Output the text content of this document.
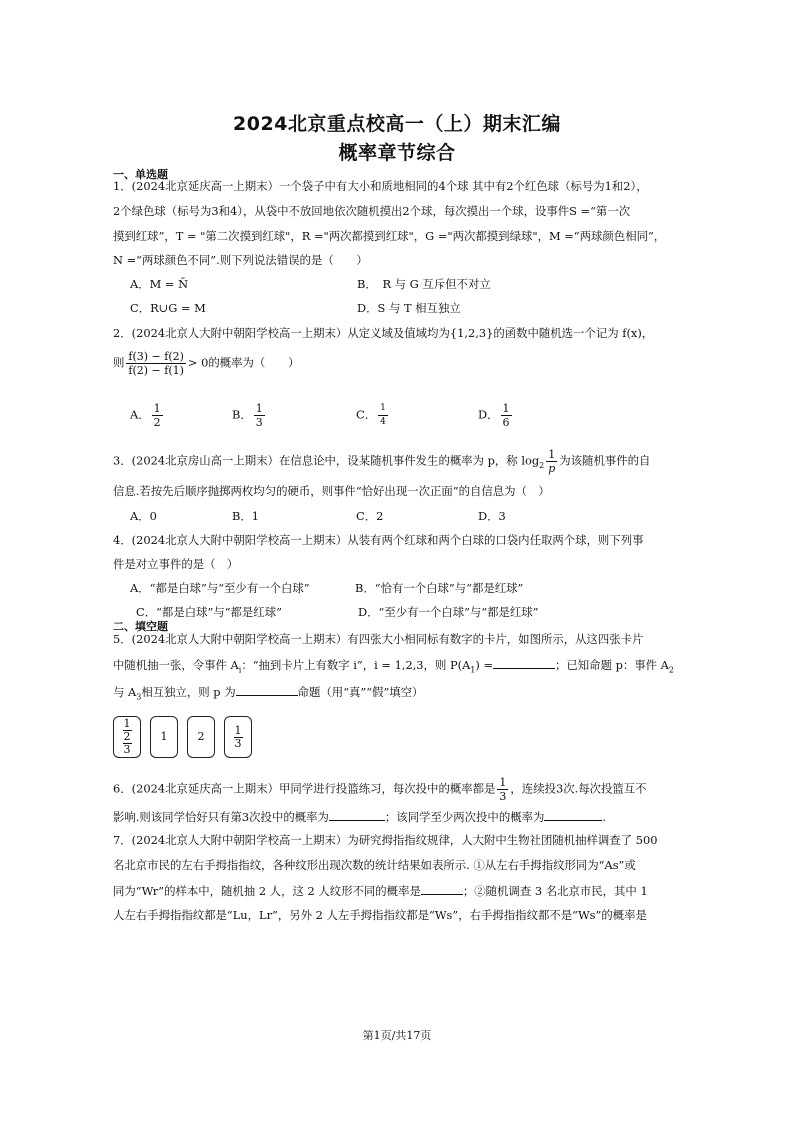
2024北京重点校高一（上）期末汇编
概率章节综合
一、单选题
1．(2024北京延庆高一上期末）一个袋子中有大小和质地相同的4个球 其中有2个红色球（标号为1和2），
2个绿色球（标号为3和4），从袋中不放回地依次随机摸出2个球，每次摸出一个球，设事件S =“第一次
摸到红球”，T = "第二次摸到红球"，R ="两次都摸到红球"，G ="两次都摸到绿球"，M =“两球颜色相同”，
N =“两球颜色不同”.则下列说法错误的是（　　）
A．M = N̄	B．　R 与 G 互斥但不对立
C．R∪G = M	D．S 与 T 相互独立
2．(2024北京人大附中朝阳学校高一上期末）从定义域及值域均为{1,2,3}的函数中随机选一个记为 f(x)，
则 $\frac{f(3) - f(2)}{f(2) - f(1)} > 0$的概率为（　　）
A． $\frac{1}{2}$	B． $\frac{1}{3}$	C． $\frac{1}{4}$	D． $\frac{1}{6}$
3．(2024北京房山高一上期末）在信息论中，设某随机事件发生的概率为 p，称 $\log_2 \frac{1}{p}$ 为该随机事件的自
信息.若按先后顺序抛掷两枚均匀的硬币，则事件“恰好出现一次正面”的自信息为（　）
A．0	B．1	C．2	D．3
4．(2024北京人大附中朝阳学校高一上期末）从装有两个红球和两个白球的口袋内任取两个球，则下列事
件是对立事件的是（　）
A．“都是白球”与“至少有一个白球”	B．“恰有一个白球”与“都是红球”
C．“都是白球”与“都是红球”	D．“至少有一个白球”与“都是红球”
二、填空题
5．(2024北京人大附中朝阳学校高一上期末）有四张大小相同标有数字的卡片，如图所示，从这四张卡片
中随机抽一张，令事件 $A_i$：“抽到卡片上有数字 i”，i = 1,2,3，则 $P(A_1)$ =	；已知命题 p：事件 $A_2$
与 $A_3$相互独立，则 p 为	命题（用“真”“假”填空）
1
2
3
1	2	1
3
6．(2024北京延庆高一上期末）甲同学进行投篮练习，每次投中的概率都是 $\frac{1}{3}$ ，连续投3次.每次投篮互不
影响.则该同学恰好只有第3次投中的概率为	；该同学至少两次投中的概率为	.
7．(2024北京人大附中朝阳学校高一上期末）为研究拇指指纹规律，人大附中生物社团随机抽样调查了 500
名北京市民的左右手拇指指纹，各种纹形出现次数的统计结果如表所示. ①从左右手拇指纹形同为“As”或
同为“Wr”的样本中，随机抽 2 人，这 2 人纹形不同的概率是	；②随机调查 3 名北京市民，其中 1
人左右手拇指指纹都是“Lu，Lr”，另外 2 人左手拇指指纹都是“Ws”，右手拇指指纹都不是“Ws”的概率是
第1页/共17页
